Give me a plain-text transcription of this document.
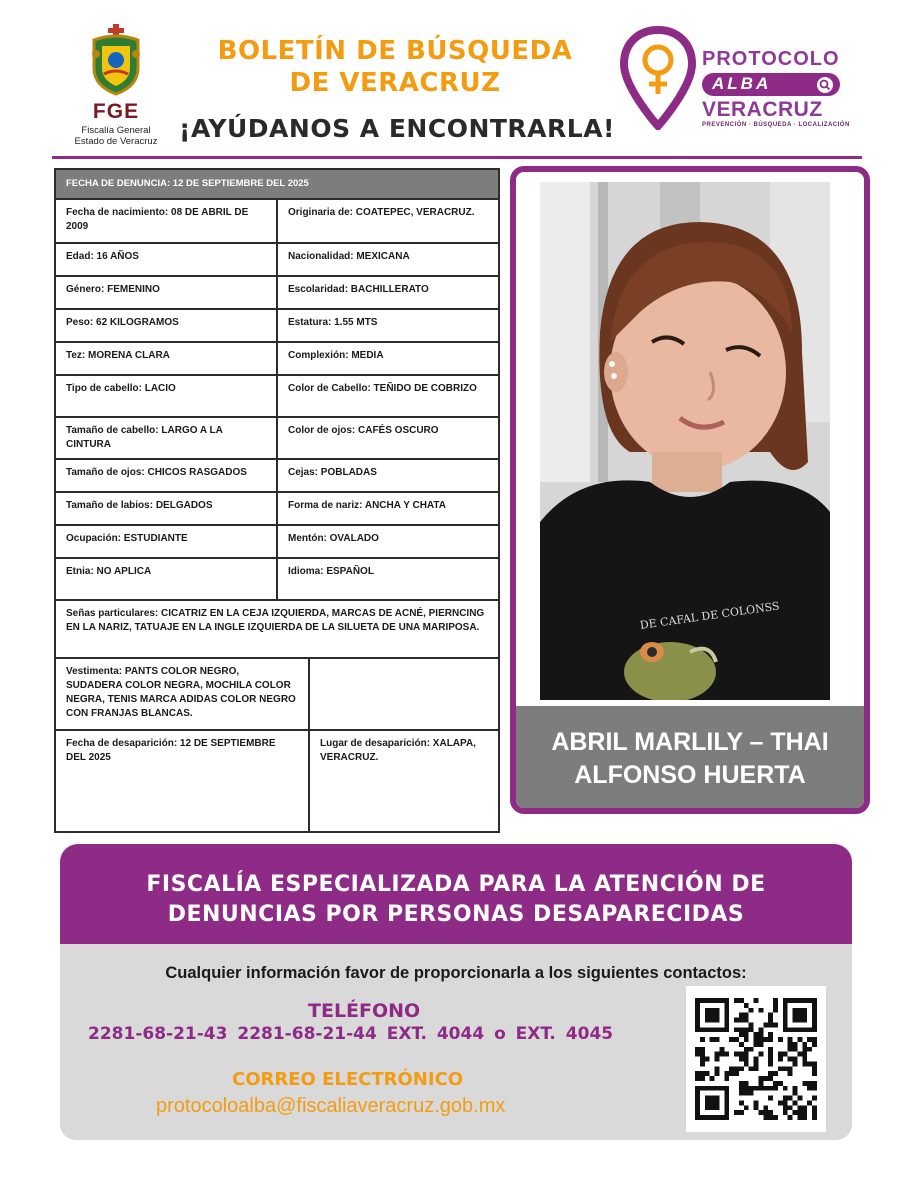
FGE
Fiscalía General
Estado de Veracruz
BOLETÍN DE BÚSQUEDA
DE VERACRUZ
¡AYÚDANOS A ENCONTRARLA!
PROTOCOLO
ALBA
VERACRUZ
PREVENCIÓN · BÚSQUEDA · LOCALIZACIÓN
FECHA DE DENUNCIA: 12 DE SEPTIEMBRE DEL 2025		
Fecha de nacimiento: 08 DE ABRIL DE 2009	Originaria de: COATEPEC, VERACRUZ.	
Edad: 16 AÑOS	Nacionalidad: MEXICANA	
Género: FEMENINO	Escolaridad: BACHILLERATO	
Peso: 62 KILOGRAMOS	Estatura: 1.55 MTS	
Tez: MORENA CLARA	Complexión: MEDIA	
Tipo de cabello: LACIO	Color de Cabello: TEÑIDO DE COBRIZO	
Tamaño de cabello: LARGO A LA CINTURA	Color de ojos: CAFÉS OSCURO	
Tamaño de ojos: CHICOS RASGADOS	Cejas: POBLADAS	
Tamaño de labios: DELGADOS	Forma de nariz: ANCHA Y CHATA	
Ocupación: ESTUDIANTE	Mentón: OVALADO	
Etnia: NO APLICA	Idioma: ESPAÑOL	
Señas particulares: CICATRIZ EN LA CEJA IZQUIERDA, MARCAS DE ACNÉ, PIERNCING EN LA NARIZ, TATUAJE EN LA INGLE IZQUIERDA DE LA SILUETA DE UNA MARIPOSA.		
Vestimenta: PANTS COLOR NEGRO, SUDADERA COLOR NEGRA, MOCHILA COLOR NEGRA, TENIS MARCA ADIDAS COLOR NEGRO CON FRANJAS BLANCAS.		
Fecha de desaparición: 12 DE SEPTIEMBRE DEL 2025		Lugar de desaparición: XALAPA, VERACRUZ.
DE CAFAL DE COLONSS
ABRIL MARLILY – THAI
ALFONSO HUERTA
FISCALÍA ESPECIALIZADA PARA LA ATENCIÓN DE
DENUNCIAS POR PERSONAS DESAPARECIDAS
Cualquier información favor de proporcionarla a los siguientes contactos:
TELÉFONO
2281-68-21-43 2281-68-21-44 EXT. 4044 o EXT. 4045
CORREO ELECTRÓNICO
protocoloalba@fiscaliaveracruz.gob.mx
